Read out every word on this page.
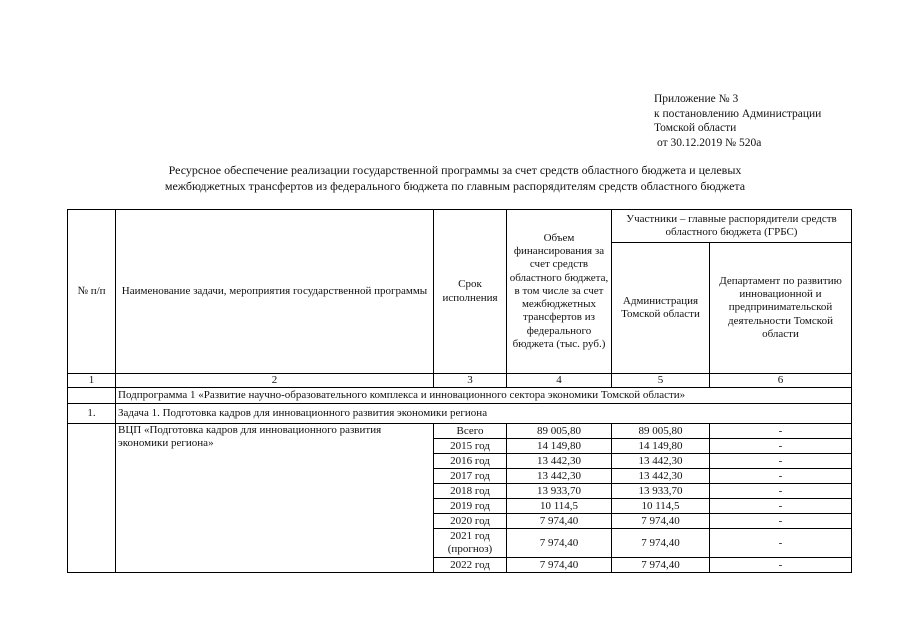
Приложение № 3
к постановлению Администрации
Томской области
от 30.12.2019 № 520а
Ресурсное обеспечение реализации государственной программы за счет средств областного бюджета и целевых
межбюджетных трансфертов из федерального бюджета по главным распорядителям средств областного бюджета
№ п/п	Наименование задачи, мероприятия государственной программы	Срок исполнения	Объем финансирования за счет средств областного бюджета, в том числе за счет межбюджетных трансфертов из федерального бюджета (тыс. руб.)	Участники – главные распорядители средств областного бюджета (ГРБС)	
				Администрация Томской области	Департамент по развитию инновационной и предпринимательской деятельности Томской области
1	2	3	4	5	6
	Подпрограмма 1 «Развитие научно-образовательного комплекса и инновационного сектора экономики Томской области»				
1.	Задача 1. Подготовка кадров для инновационного развития экономики региона				
	ВЦП «Подготовка кадров для инновационного развития экономики региона»	Всего	89 005,80	89 005,80	-
		2015 год	14 149,80	14 149,80	-
		2016 год	13 442,30	13 442,30	-
		2017 год	13 442,30	13 442,30	-
		2018 год	13 933,70	13 933,70	-
		2019 год	10 114,5	10 114,5	-
		2020 год	7 974,40	7 974,40	-
		2021 год (прогноз)	7 974,40	7 974,40	-
		2022 год	7 974,40	7 974,40	-
